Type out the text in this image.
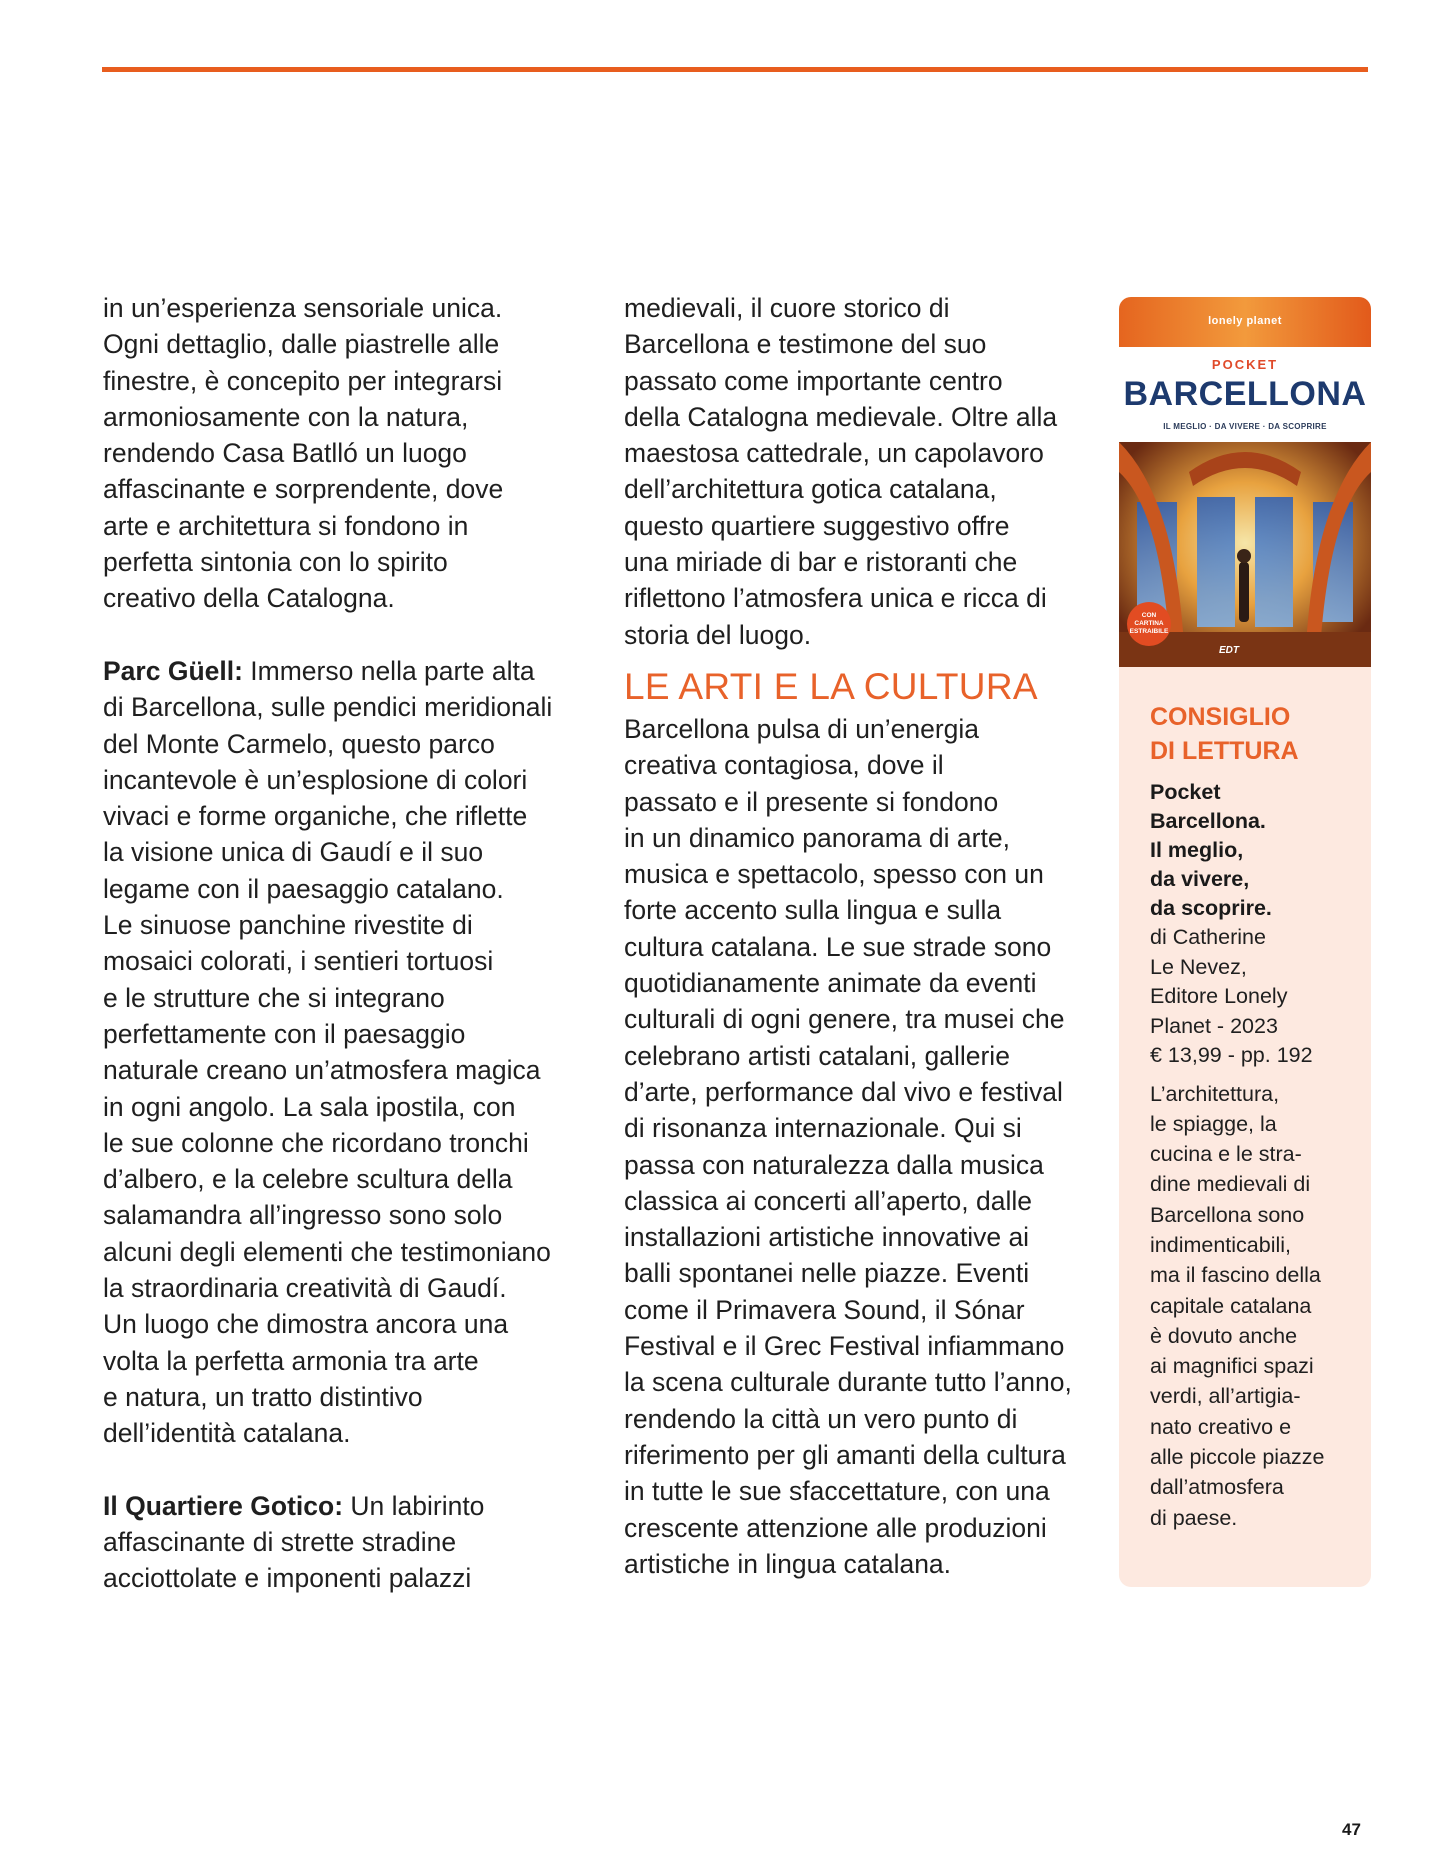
in un’esperienza sensoriale unica.
Ogni dettaglio, dalle piastrelle alle
finestre, è concepito per integrarsi
armoniosamente con la natura,
rendendo Casa Batlló un luogo
affascinante e sorprendente, dove
arte e architettura si fondono in
perfetta sintonia con lo spirito
creativo della Catalogna.

Parc Güell: Immerso nella parte alta
di Barcellona, sulle pendici meridionali
del Monte Carmelo, questo parco
incantevole è un’esplosione di colori
vivaci e forme organiche, che riflette
la visione unica di Gaudí e il suo
legame con il paesaggio catalano.
Le sinuose panchine rivestite di
mosaici colorati, i sentieri tortuosi
e le strutture che si integrano
perfettamente con il paesaggio
naturale creano un’atmosfera magica
in ogni angolo. La sala ipostila, con
le sue colonne che ricordano tronchi
d’albero, e la celebre scultura della
salamandra all’ingresso sono solo
alcuni degli elementi che testimoniano
la straordinaria creatività di Gaudí.
Un luogo che dimostra ancora una
volta la perfetta armonia tra arte
e natura, un tratto distintivo
dell’identità catalana.

Il Quartiere Gotico: Un labirinto
affascinante di strette stradine
acciottolate e imponenti palazzi

medievali, il cuore storico di
Barcellona e testimone del suo
passato come importante centro
della Catalogna medievale. Oltre alla
maestosa cattedrale, un capolavoro
dell’architettura gotica catalana,
questo quartiere suggestivo offre
una miriade di bar e ristoranti che
riflettono l’atmosfera unica e ricca di
storia del luogo.

LE ARTI E LA CULTURA

Barcellona pulsa di un’energia
creativa contagiosa, dove il
passato e il presente si fondono
in un dinamico panorama di arte,
musica e spettacolo, spesso con un
forte accento sulla lingua e sulla
cultura catalana. Le sue strade sono
quotidianamente animate da eventi
culturali di ogni genere, tra musei che
celebrano artisti catalani, gallerie
d’arte, performance dal vivo e festival
di risonanza internazionale. Qui si
passa con naturalezza dalla musica
classica ai concerti all’aperto, dalle
installazioni artistiche innovative ai
balli spontanei nelle piazze. Eventi
come il Primavera Sound, il Sónar
Festival e il Grec Festival infiammano
la scena culturale durante tutto l’anno,
rendendo la città un vero punto di
riferimento per gli amanti della cultura
in tutte le sue sfaccettature, con una
crescente attenzione alle produzioni
artistiche in lingua catalana.

lonely planet
POCKET
BARCELLONA
IL MEGLIO · DA VIVERE · DA SCOPRIRE
CON CARTINA ESTRAIBILE
EDT
CONSIGLIO
DI LETTURA
Pocket
Barcellona.
Il meglio,
da vivere,
da scoprire.
di Catherine
Le Nevez,
Editore Lonely
Planet - 2023
€ 13,99 - pp. 192
L’architettura,
le spiagge, la
cucina e le stra-
dine medievali di
Barcellona sono
indimenticabili,
ma il fascino della
capitale catalana
è dovuto anche
ai magnifici spazi
verdi, all’artigia-
nato creativo e
alle piccole piazze
dall’atmosfera
di paese.
47
